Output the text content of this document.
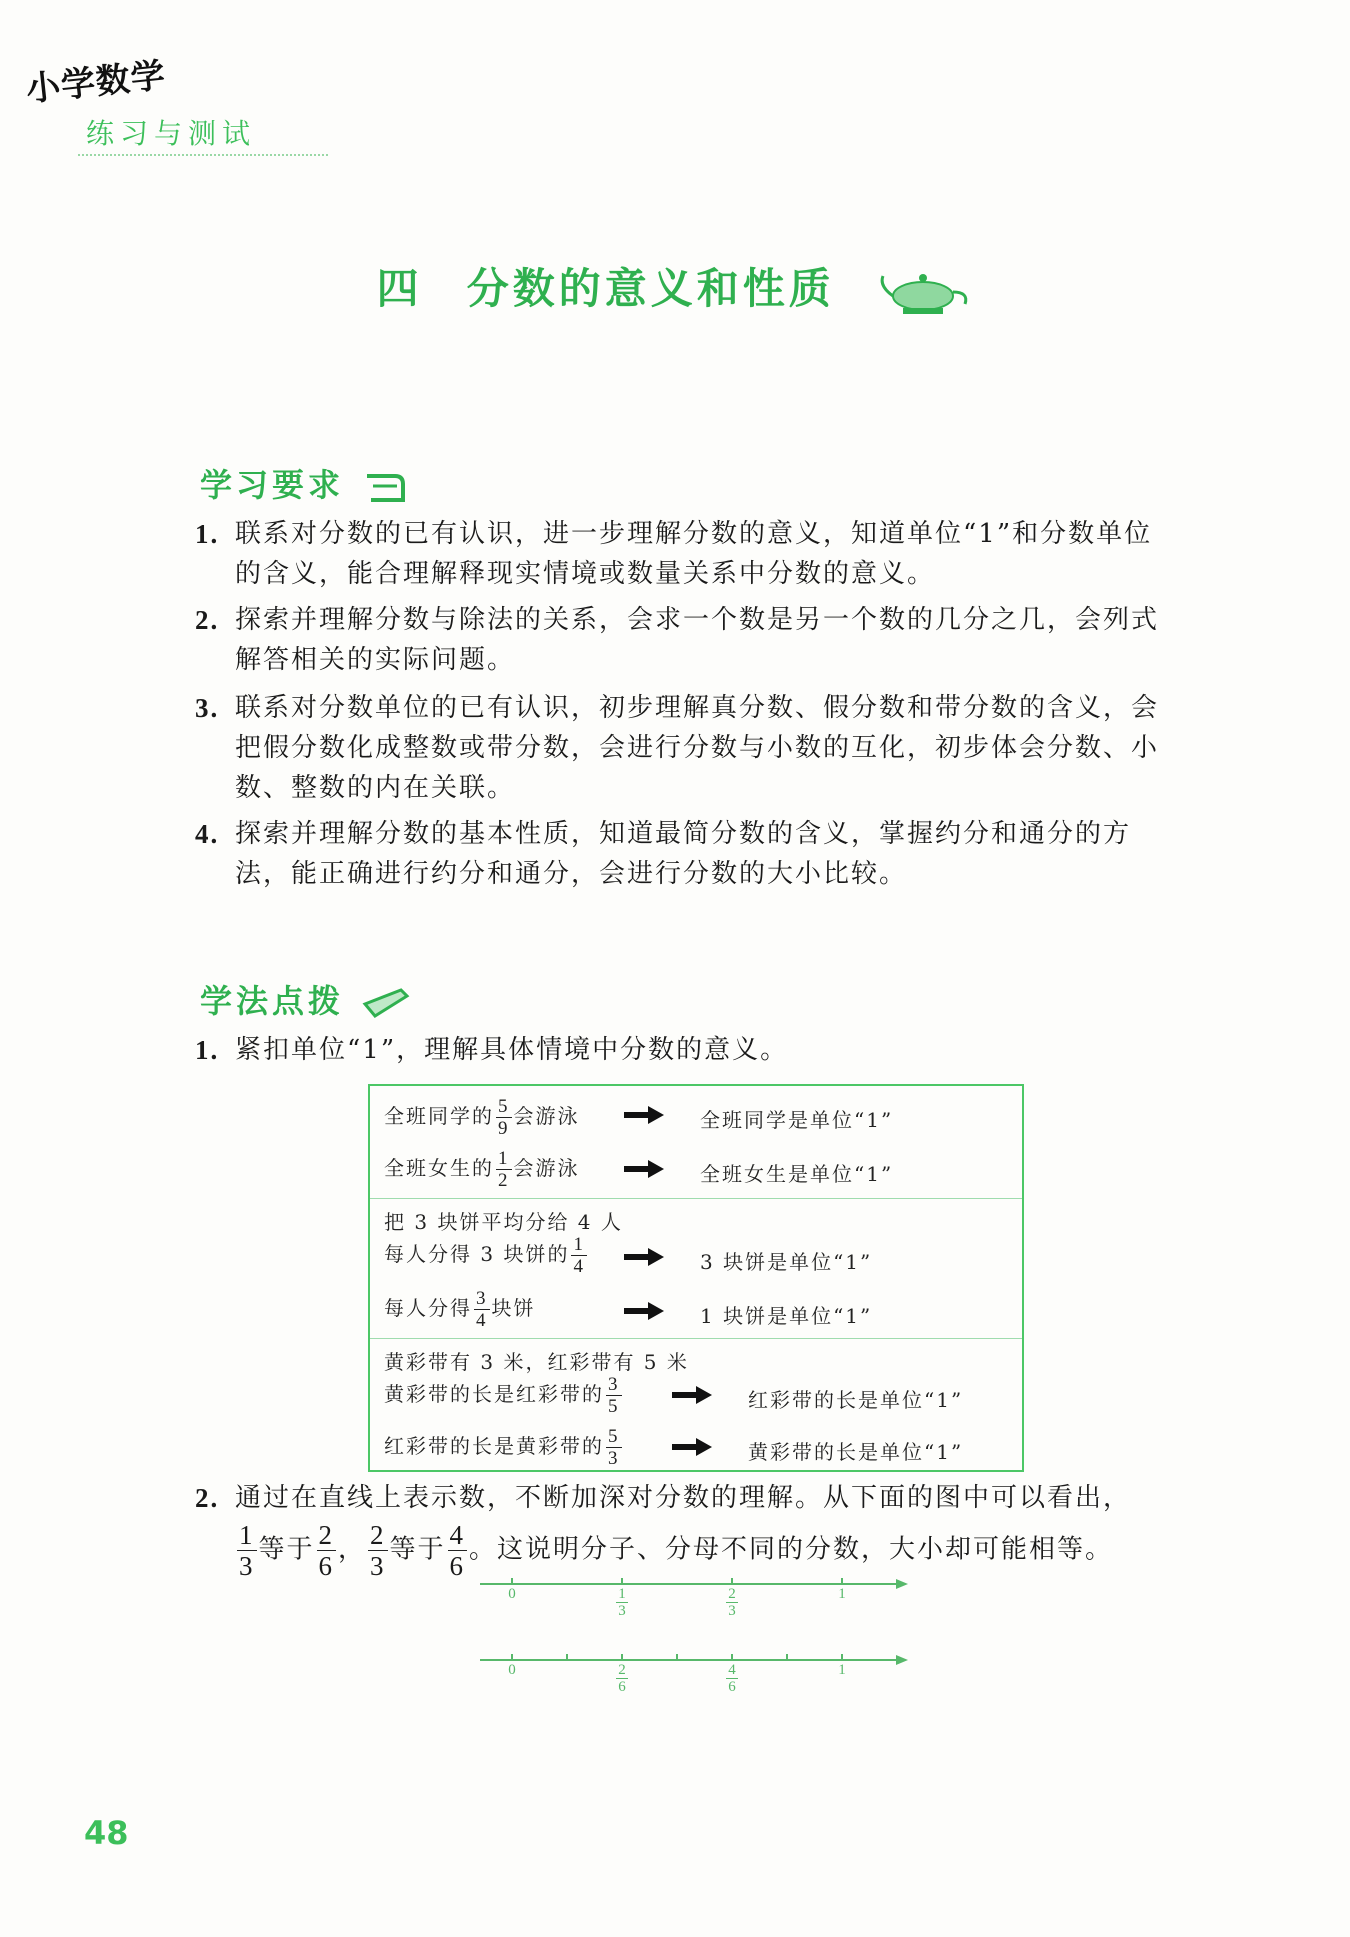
小学数学
练习与测试
四 分数的意义和性质
学习要求
1. 联系对分数的已有认识，进一步理解分数的意义，知道单位“1”和分数单位的含义，能合理解释现实情境或数量关系中分数的意义。
2. 探索并理解分数与除法的关系，会求一个数是另一个数的几分之几，会列式解答相关的实际问题。
3. 联系对分数单位的已有认识，初步理解真分数、假分数和带分数的含义，会把假分数化成整数或带分数，会进行分数与小数的互化，初步体会分数、小数、整数的内在关联。
4. 探索并理解分数的基本性质，知道最简分数的含义，掌握约分和通分的方法，能正确进行约分和通分，会进行分数的大小比较。
学法点拨
1. 紧扣单位“1”，理解具体情境中分数的意义。
全班同学的 $\frac{5}{9}$ 会游泳	全班同学是单位“1”
全班女生的 $\frac{1}{2}$ 会游泳	全班女生是单位“1”
把 3 块饼平均分给 4 人
每人分得 3 块饼的 $\frac{1}{4}$	3 块饼是单位“1”
每人分得 $\frac{3}{4}$ 块饼	1 块饼是单位“1”
黄彩带有 3 米，红彩带有 5 米
黄彩带的长是红彩带的 $\frac{3}{5}$	红彩带的长是单位“1”
红彩带的长是黄彩带的 $\frac{5}{3}$	黄彩带的长是单位“1”
2. 通过在直线上表示数，不断加深对分数的理解。从下面的图中可以看出，
$\frac{1}{3}$ 等于 $\frac{2}{6}$ ， $\frac{2}{3}$ 等于 $\frac{4}{6}$ 。这说明分子、分母不同的分数，大小却可能相等。
0	$\frac{1}{3}$	$\frac{2}{3}$	1
0	$\frac{2}{6}$	$\frac{4}{6}$	1
48
